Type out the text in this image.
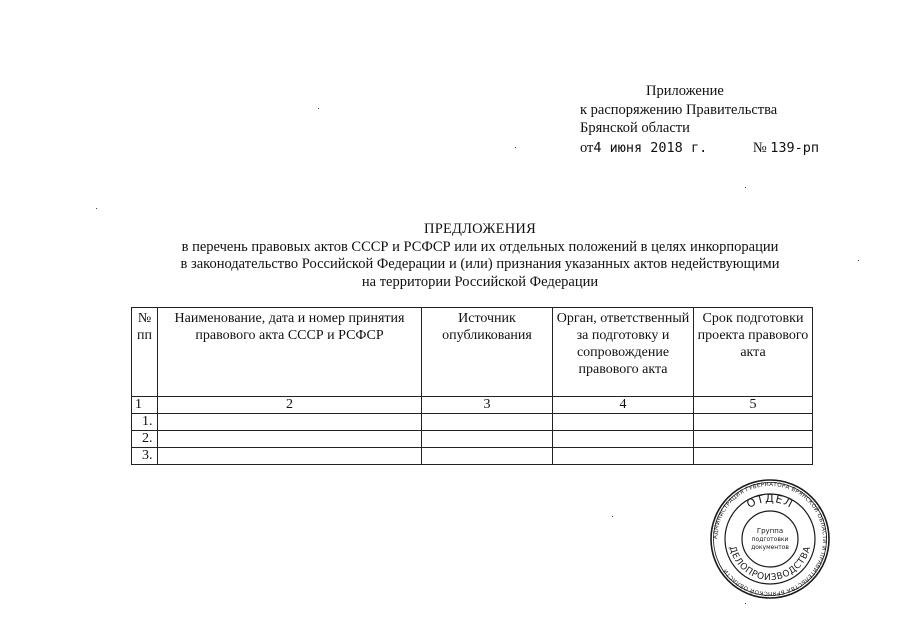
Приложение
к распоряжению Правительства
Брянской области
от4 июня 2018 г.	№ 139-рп
ПРЕДЛОЖЕНИЯ
в перечень правовых актов СССР и РСФСР или их отдельных положений в целях инкорпорации
в законодательство Российской Федерации и (или) признания указанных актов недействующими
на территории Российской Федерации
№ пп	Наименование, дата и номер принятия правового акта СССР и РСФСР	Источник опубликования	Орган, ответственный за подготовку и сопровождение правового акта	Срок подготовки проекта правового акта
1	2	3	4	5
1.				
2.				
3.				
АДМИНИСТРАЦИЯ ГУБЕРНАТОРА БРЯНСКОЙ ОБЛАСТИ И ПРАВИТЕЛЬСТВА БРЯНСКОЙ ОБЛАСТИ
ОТДЕЛ
ДЕЛОПРОИЗВОДСТВА
Группа
подготовки
документов
